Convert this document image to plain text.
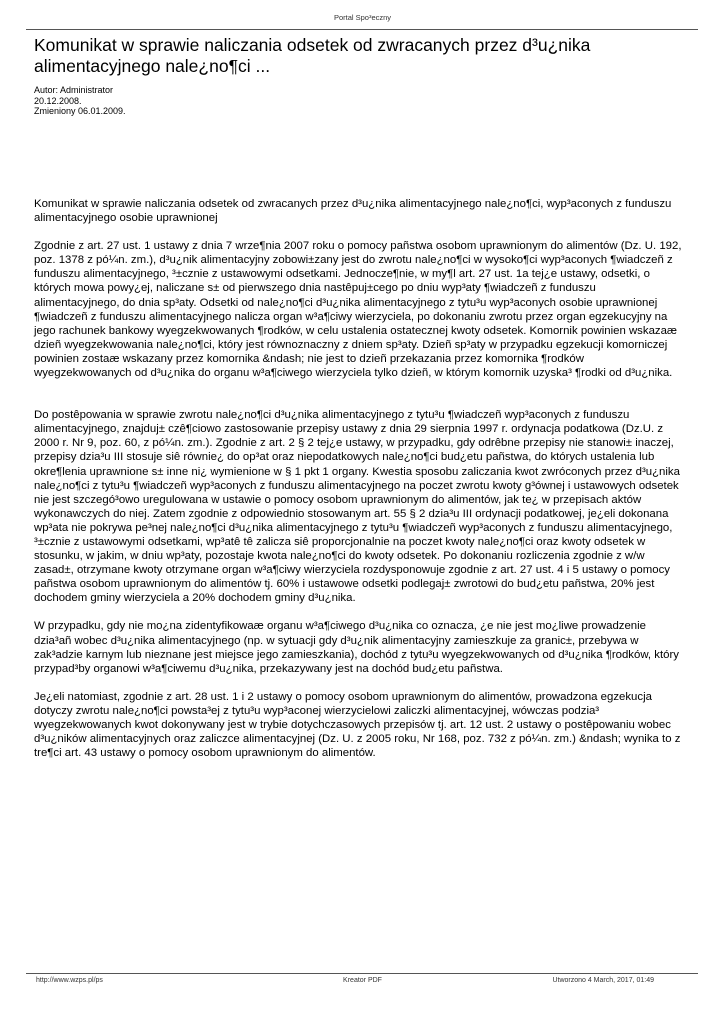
Portal Spo³eczny
Komunikat w sprawie naliczania odsetek od zwracanych przez d³u¿nika alimentacyjnego nale¿no¶ci ...
Autor: Administrator
20.12.2008.
Zmieniony 06.01.2009.

Komunikat w sprawie naliczania odsetek od zwracanych przez d³u¿nika alimentacyjnego nale¿no¶ci, wyp³aconych z funduszu alimentacyjnego osobie uprawnionej

Zgodnie z art. 27 ust. 1 ustawy z dnia 7 wrze¶nia 2007 roku o pomocy pañstwa osobom uprawnionym do alimentów (Dz. U. 192, poz. 1378 z pó¼n. zm.), d³u¿nik alimentacyjny zobowi±zany jest do zwrotu nale¿no¶ci w wysoko¶ci wyp³aconych ¶wiadczeñ z funduszu alimentacyjnego, ³±cznie z ustawowymi odsetkami. Jednocze¶nie, w my¶l art. 27 ust. 1a tej¿e ustawy, odsetki, o których mowa powy¿ej, naliczane s± od pierwszego dnia nastêpuj±cego po dniu wyp³aty ¶wiadczeñ z funduszu alimentacyjnego, do dnia sp³aty. Odsetki od nale¿no¶ci d³u¿nika alimentacyjnego z tytu³u wyp³aconych osobie uprawnionej ¶wiadczeñ z funduszu alimentacyjnego nalicza organ w³a¶ciwy wierzyciela, po dokonaniu zwrotu przez organ egzekucyjny na jego rachunek bankowy wyegzekwowanych ¶rodków, w celu ustalenia ostatecznej kwoty odsetek. Komornik powinien wskazaæ dzieñ wyegzekwowania nale¿no¶ci, który jest równoznaczny z dniem sp³aty. Dzieñ sp³aty w przypadku egzekucji komorniczej powinien zostaæ wskazany przez komornika &ndash; nie jest to dzieñ przekazania przez komornika ¶rodków wyegzekwowanych od d³u¿nika do organu w³a¶ciwego wierzyciela tylko dzieñ, w którym komornik uzyska³ ¶rodki od d³u¿nika.

Do postêpowania w sprawie zwrotu nale¿no¶ci d³u¿nika alimentacyjnego z tytu³u ¶wiadczeñ wyp³aconych z funduszu alimentacyjnego, znajduj± czê¶ciowo zastosowanie przepisy ustawy z dnia 29 sierpnia 1997 r. ordynacja podatkowa (Dz.U. z 2000 r. Nr 9, poz. 60, z pó¼n. zm.). Zgodnie z art. 2 § 2 tej¿e ustawy, w przypadku, gdy odrêbne przepisy nie stanowi± inaczej, przepisy dzia³u III stosuje siê równie¿ do op³at oraz niepodatkowych nale¿no¶ci bud¿etu pañstwa, do których ustalenia lub okre¶lenia uprawnione s± inne ni¿ wymienione w § 1 pkt 1 organy. Kwestia sposobu zaliczania kwot zwróconych przez d³u¿nika nale¿no¶ci z tytu³u ¶wiadczeñ wyp³aconych z funduszu alimentacyjnego na poczet zwrotu kwoty g³ównej i ustawowych odsetek nie jest szczegó³owo uregulowana w ustawie o pomocy osobom uprawnionym do alimentów, jak te¿ w przepisach aktów wykonawczych do niej. Zatem zgodnie z odpowiednio stosowanym art. 55 § 2 dzia³u III ordynacji podatkowej, je¿eli dokonana wp³ata nie pokrywa pe³nej nale¿no¶ci d³u¿nika alimentacyjnego z tytu³u ¶wiadczeñ wyp³aconych z funduszu alimentacyjnego, ³±cznie z ustawowymi odsetkami, wp³atê tê zalicza siê proporcjonalnie na poczet kwoty nale¿no¶ci oraz kwoty odsetek w stosunku, w jakim, w dniu wp³aty, pozostaje kwota nale¿no¶ci do kwoty odsetek. Po dokonaniu rozliczenia zgodnie z w/w zasad±, otrzymane kwoty otrzymane organ w³a¶ciwy wierzyciela rozdysponowuje zgodnie z art. 27 ust. 4 i 5 ustawy o pomocy pañstwa osobom uprawnionym do alimentów tj. 60% i ustawowe odsetki podlegaj± zwrotowi do bud¿etu pañstwa, 20% jest dochodem gminy wierzyciela a 20% dochodem gminy d³u¿nika.

W przypadku, gdy nie mo¿na zidentyfikowaæ organu w³a¶ciwego d³u¿nika co oznacza, ¿e nie jest mo¿liwe prowadzenie dzia³añ wobec d³u¿nika alimentacyjnego (np. w sytuacji gdy d³u¿nik alimentacyjny zamieszkuje za granic±, przebywa w zak³adzie karnym lub nieznane jest miejsce jego zamieszkania), dochód z tytu³u wyegzekwowanych od d³u¿nika ¶rodków, który przypad³by organowi w³a¶ciwemu d³u¿nika, przekazywany jest na dochód bud¿etu pañstwa.

Je¿eli natomiast, zgodnie z art. 28 ust. 1 i 2 ustawy o pomocy osobom uprawnionym do alimentów, prowadzona egzekucja dotyczy zwrotu nale¿no¶ci powsta³ej z tytu³u wyp³aconej wierzycielowi zaliczki alimentacyjnej, wówczas podzia³ wyegzekwowanych kwot dokonywany jest w trybie dotychczasowych przepisów tj. art. 12 ust. 2 ustawy o postêpowaniu wobec d³u¿ników alimentacyjnych oraz zaliczce alimentacyjnej (Dz. U. z 2005 roku, Nr 168, poz. 732 z pó¼n. zm.) &ndash; wynika to z tre¶ci art. 43 ustawy o pomocy osobom uprawnionym do alimentów.

http://www.wzps.pl/ps	Kreator PDF	Utworzono 4 March, 2017, 01:49
